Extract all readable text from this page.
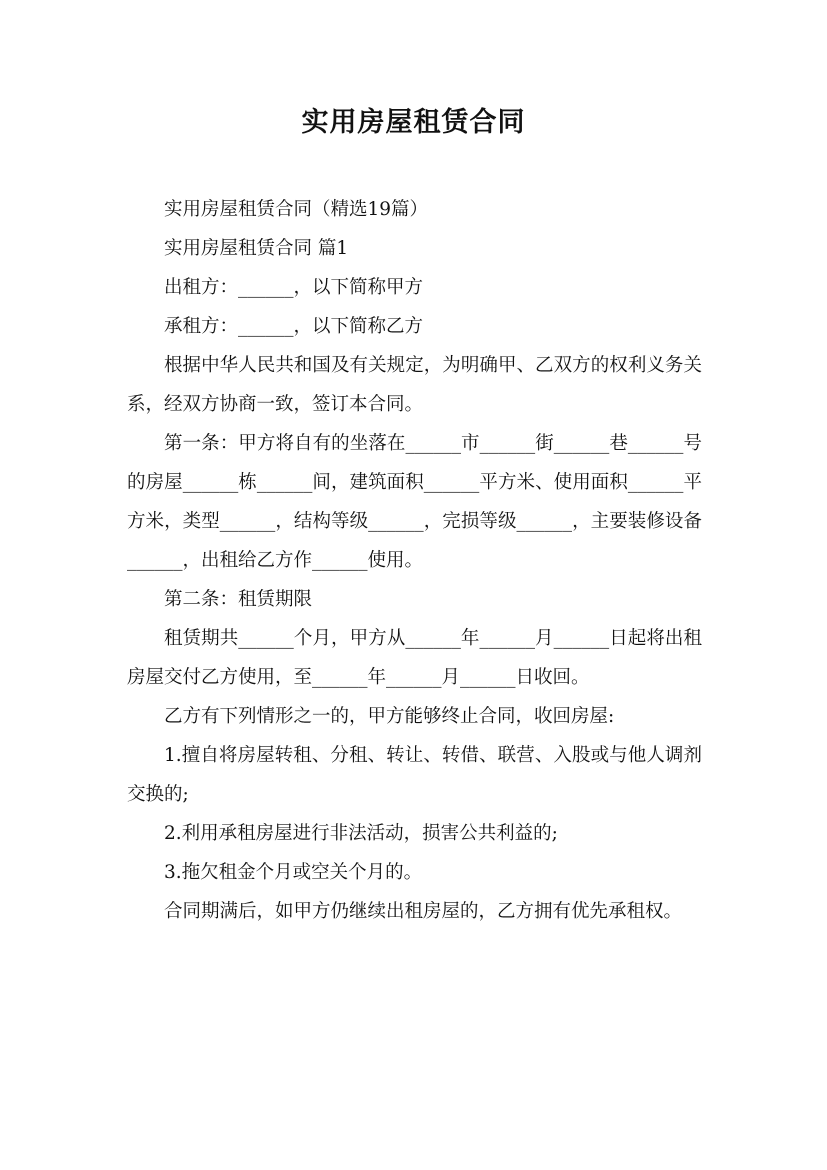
实用房屋租赁合同

实用房屋租赁合同（精选19篇）

实用房屋租赁合同 篇1

出租方：______，以下简称甲方

承租方：______，以下简称乙方

根据中华人民共和国及有关规定，为明确甲、乙双方的权利义务关系，经双方协商一致，签订本合同。

第一条：甲方将自有的坐落在______市______街______巷______号的房屋______栋______间，建筑面积______平方米、使用面积______平方米，类型______，结构等级______，完损等级______，主要装修设备______，出租给乙方作______使用。

第二条：租赁期限

租赁期共______个月，甲方从______年______月______日起将出租房屋交付乙方使用，至______年______月______日收回。

乙方有下列情形之一的，甲方能够终止合同，收回房屋:

1.擅自将房屋转租、分租、转让、转借、联营、入股或与他人调剂交换的;

2.利用承租房屋进行非法活动，损害公共利益的;

3.拖欠租金个月或空关个月的。

合同期满后，如甲方仍继续出租房屋的，乙方拥有优先承租权。
